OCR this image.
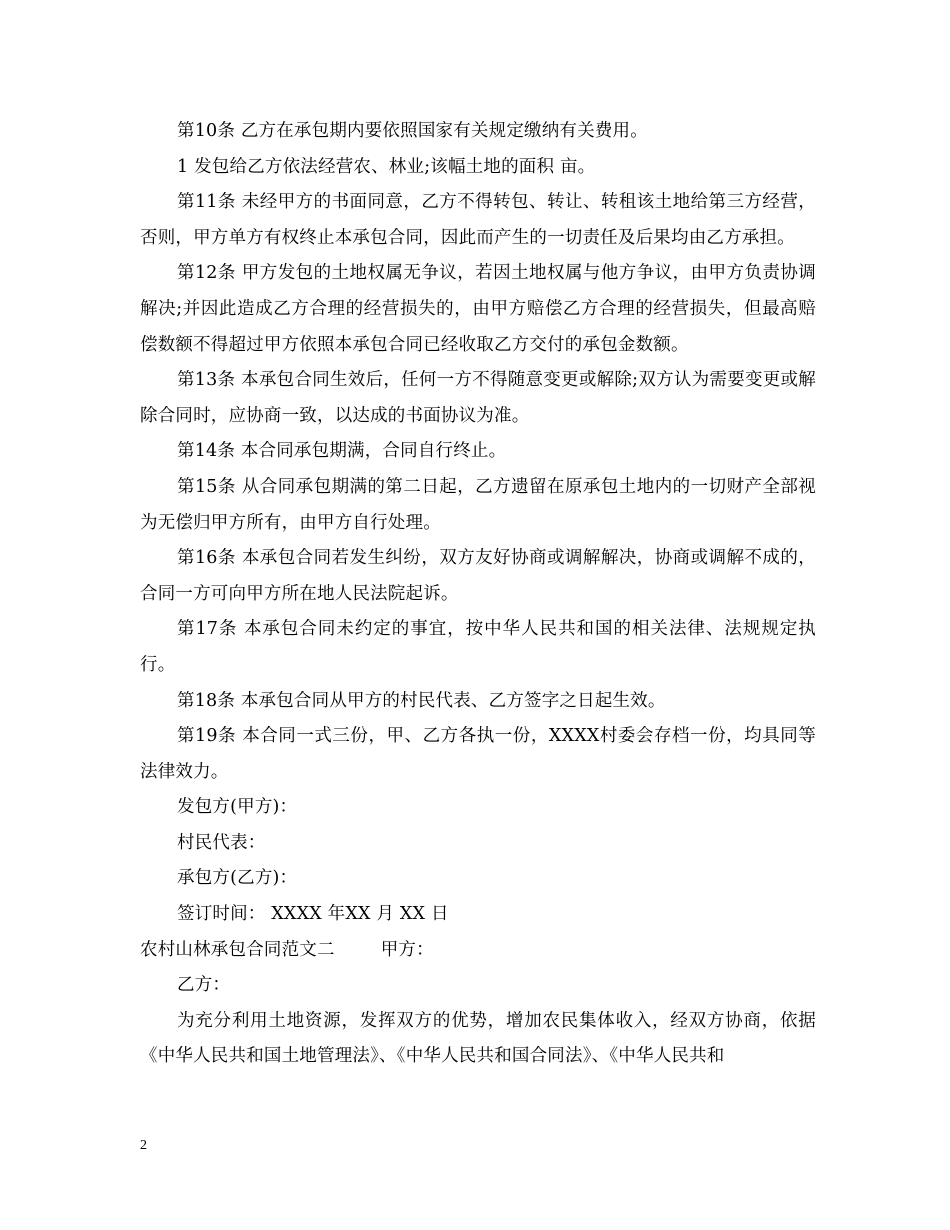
第10条 乙方在承包期内要依照国家有关规定缴纳有关费用。

1 发包给乙方依法经营农、林业;该幅土地的面积 亩。

第11条 未经甲方的书面同意，乙方不得转包、转让、转租该土地给第三方经营，否则，甲方单方有权终止本承包合同，因此而产生的一切责任及后果均由乙方承担。

第12条 甲方发包的土地权属无争议，若因土地权属与他方争议，由甲方负责协调解决;并因此造成乙方合理的经营损失的，由甲方赔偿乙方合理的经营损失，但最高赔偿数额不得超过甲方依照本承包合同已经收取乙方交付的承包金数额。

第13条 本承包合同生效后，任何一方不得随意变更或解除;双方认为需要变更或解除合同时，应协商一致，以达成的书面协议为准。

第14条 本合同承包期满，合同自行终止。

第15条 从合同承包期满的第二日起，乙方遗留在原承包土地内的一切财产全部视为无偿归甲方所有，由甲方自行处理。

第16条 本承包合同若发生纠纷，双方友好协商或调解解决，协商或调解不成的，合同一方可向甲方所在地人民法院起诉。

第17条 本承包合同未约定的事宜，按中华人民共和国的相关法律、法规规定执行。

第18条 本承包合同从甲方的村民代表、乙方签字之日起生效。

第19条 本合同一式三份，甲、乙方各执一份，XXXX村委会存档一份，均具同等法律效力。

发包方(甲方)：

村民代表：

承包方(乙方)：

签订时间： XXXX 年XX 月 XX 日

农村山林承包合同范文二	甲方：

乙方：

为充分利用土地资源，发挥双方的优势，增加农民集体收入，经双方协商，依据《中华人民共和国土地管理法》、《中华人民共和国合同法》、《中华人民共和

2
